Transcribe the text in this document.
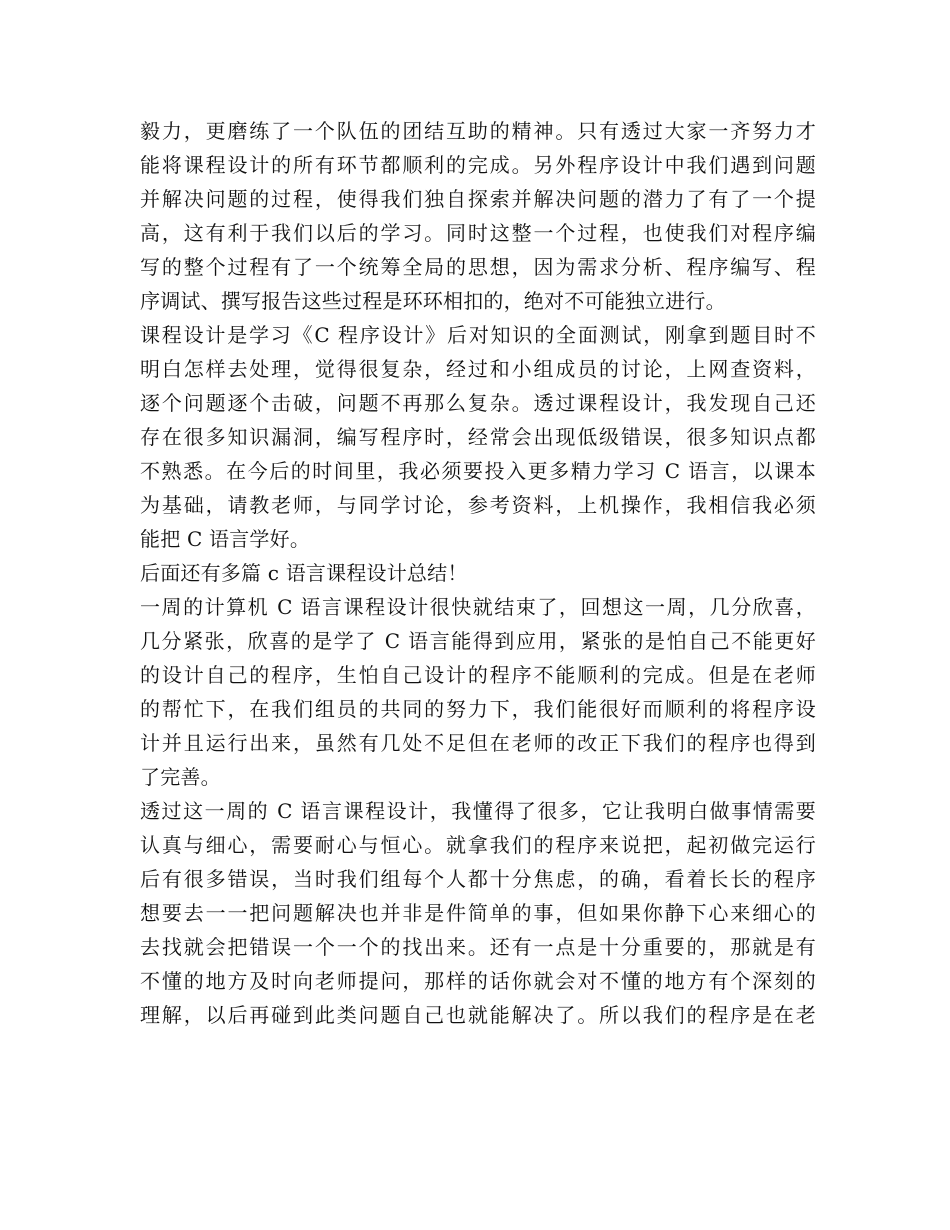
毅力，更磨练了一个队伍的团结互助的精神。只有透过大家一齐努力才
能将课程设计的所有环节都顺利的完成。另外程序设计中我们遇到问题
并解决问题的过程，使得我们独自探索并解决问题的潜力了有了一个提
高，这有利于我们以后的学习。同时这整一个过程，也使我们对程序编
写的整个过程有了一个统筹全局的思想，因为需求分析、程序编写、程
序调试、撰写报告这些过程是环环相扣的，绝对不可能独立进行。
课程设计是学习《C 程序设计》后对知识的全面测试，刚拿到题目时不
明白怎样去处理，觉得很复杂，经过和小组成员的讨论，上网查资料，
逐个问题逐个击破，问题不再那么复杂。透过课程设计，我发现自己还
存在很多知识漏洞，编写程序时，经常会出现低级错误，很多知识点都
不熟悉。在今后的时间里，我必须要投入更多精力学习 C 语言，以课本
为基础，请教老师，与同学讨论，参考资料，上机操作，我相信我必须
能把 C 语言学好。
后面还有多篇 c 语言课程设计总结！
一周的计算机 C 语言课程设计很快就结束了，回想这一周，几分欣喜，
几分紧张，欣喜的是学了 C 语言能得到应用，紧张的是怕自己不能更好
的设计自己的程序，生怕自己设计的程序不能顺利的完成。但是在老师
的帮忙下，在我们组员的共同的努力下，我们能很好而顺利的将程序设
计并且运行出来，虽然有几处不足但在老师的改正下我们的程序也得到
了完善。
透过这一周的 C 语言课程设计，我懂得了很多，它让我明白做事情需要
认真与细心，需要耐心与恒心。就拿我们的程序来说把，起初做完运行
后有很多错误，当时我们组每个人都十分焦虑，的确，看着长长的程序
想要去一一把问题解决也并非是件简单的事，但如果你静下心来细心的
去找就会把错误一个一个的找出来。还有一点是十分重要的，那就是有
不懂的地方及时向老师提问，那样的话你就会对不懂的地方有个深刻的
理解，以后再碰到此类问题自己也就能解决了。所以我们的程序是在老
